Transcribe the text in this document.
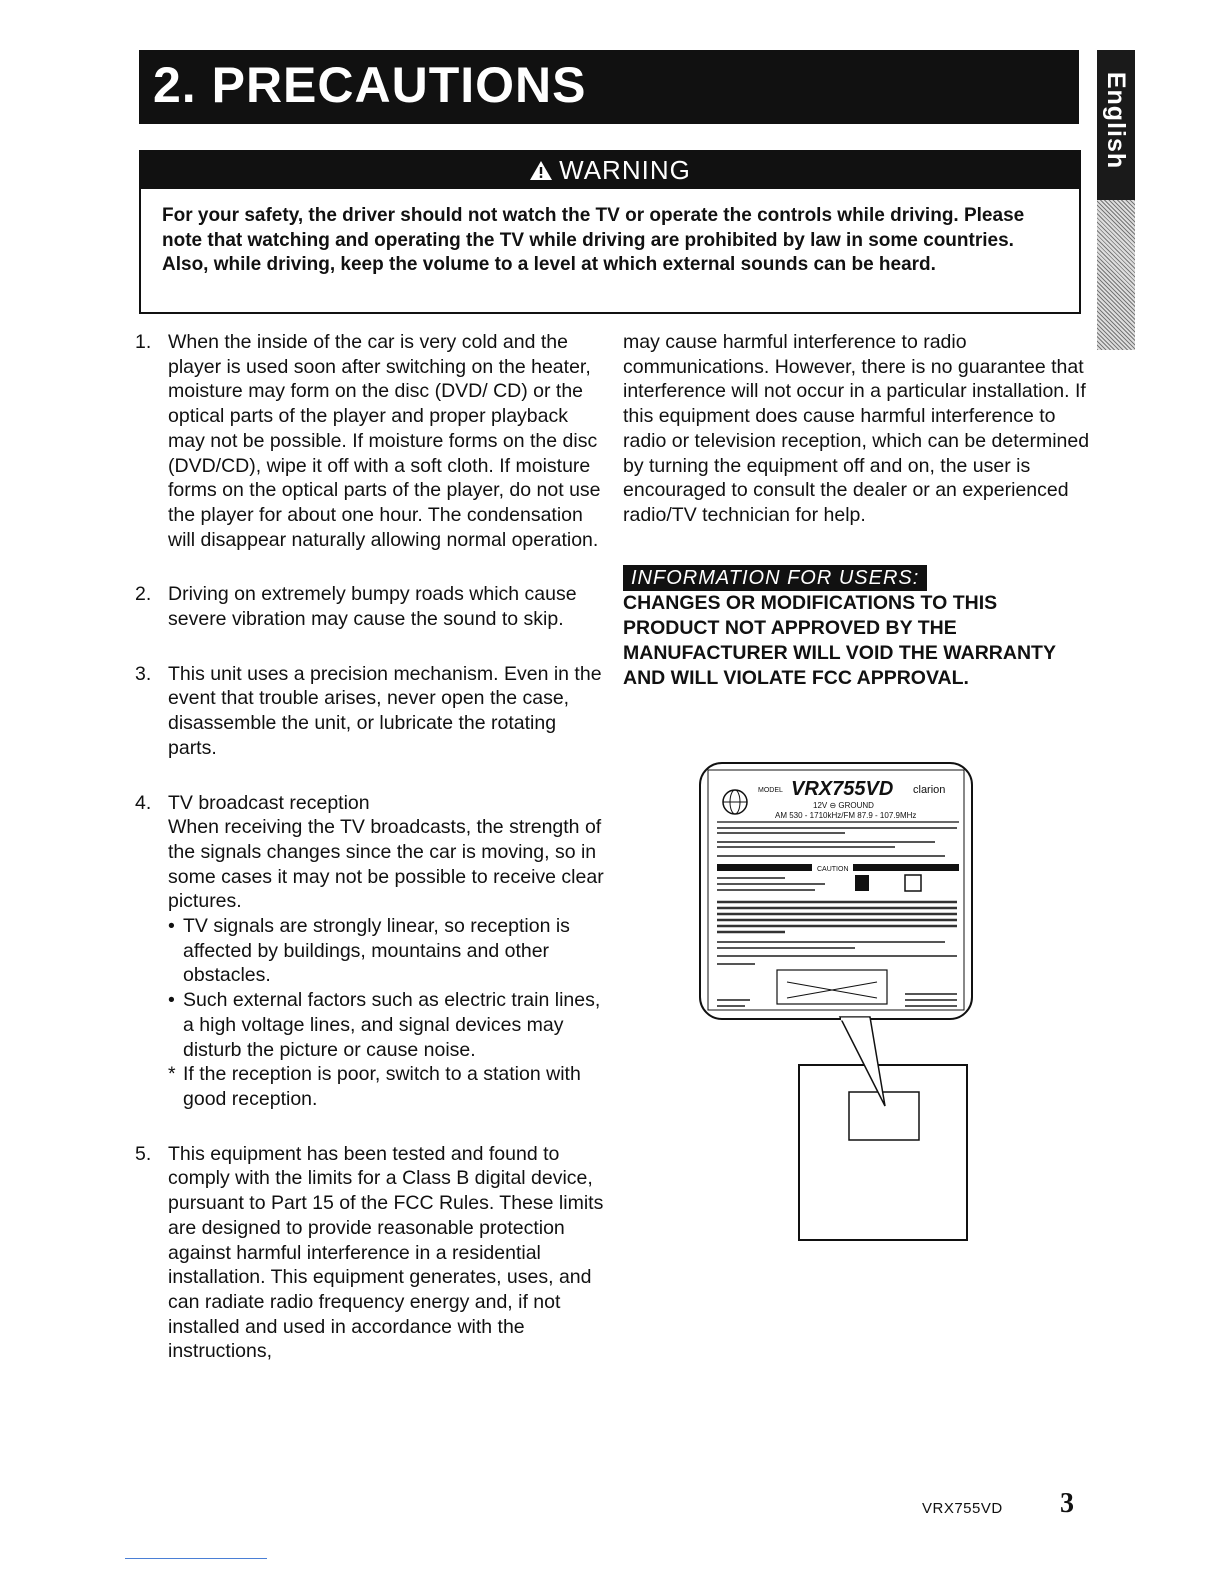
2. PRECAUTIONS	English
WARNING
For your safety, the driver should not watch the TV or operate the controls while driving. Please note that watching and operating the TV while driving are prohibited by law in some countries. Also, while driving, keep the volume to a level at which external sounds can be heard.
1. When the inside of the car is very cold and the player is used soon after switching on the heater, moisture may form on the disc (DVD/ CD) or the optical parts of the player and proper playback may not be possible. If moisture forms on the disc (DVD/CD), wipe it off with a soft cloth. If moisture forms on the optical parts of the player, do not use the player for about one hour. The condensation will disappear naturally allowing normal operation.

2. Driving on extremely bumpy roads which cause severe vibration may cause the sound to skip.

3. This unit uses a precision mechanism. Even in the event that trouble arises, never open the case, disassemble the unit, or lubricate the rotating parts.

4. TV broadcast reception

When receiving the TV broadcasts, the strength of the signals changes since the car is moving, so in some cases it may not be possible to receive clear pictures.

• TV signals are strongly linear, so reception is affected by buildings, mountains and other obstacles.

• Such external factors such as electric train lines, a high voltage lines, and signal devices may disturb the picture or cause noise.

* If the reception is poor, switch to a station with good reception.

5. This equipment has been tested and found to comply with the limits for a Class B digital device, pursuant to Part 15 of the FCC Rules. These limits are designed to provide reasonable protection against harmful interference in a residential installation. This equipment generates, uses, and can radiate radio frequency energy and, if not installed and used in accordance with the instructions,

may cause harmful interference to radio communications. However, there is no guarantee that interference will not occur in a particular installation. If this equipment does cause harmful interference to radio or television reception, which can be determined by turning the equipment off and on, the user is encouraged to consult the dealer or an experienced radio/TV technician for help.

INFORMATION FOR USERS:

CHANGES OR MODIFICATIONS TO THIS PRODUCT NOT APPROVED BY THE MANUFACTURER WILL VOID THE WARRANTY AND WILL VIOLATE FCC APPROVAL.

MODEL VRX755VD clarion
12V ⊖ GROUND
AM 530 - 1710kHz/FM 87.9 - 107.9MHz
CAUTION
VRX755VD 3
